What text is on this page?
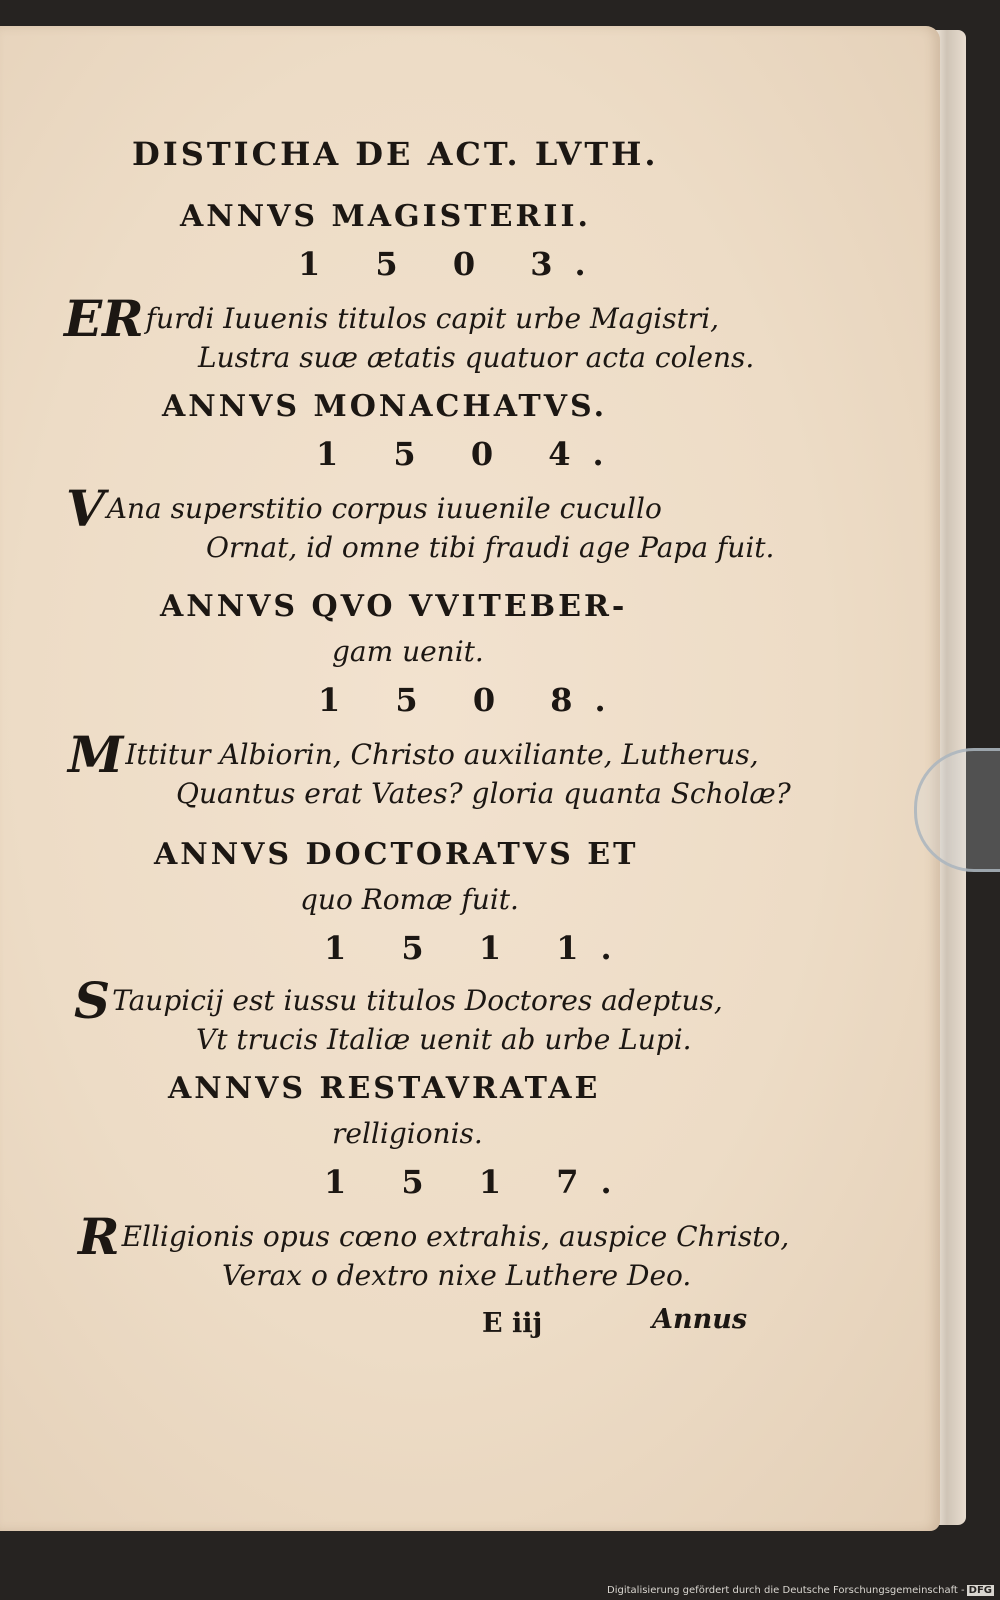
DISTICHA DE ACT. LVTH.
ANNVS MAGISTERII.
1 5 0 3.
ERfurdi Iuuenis titulos capit urbe Magistri,
Lustra suæ ætatis quatuor acta colens.
ANNVS MONACHATVS.
1 5 0 4.
VAna superstitio corpus iuuenile cucullo
Ornat, id omne tibi fraudi age Papa fuit.
ANNVS QVO VVITEBER-
gam uenit.
1 5 0 8.
MIttitur Albiorin, Christo auxiliante, Lutherus,
Quantus erat Vates? gloria quanta Scholæ?
ANNVS DOCTORATVS ET
quo Romæ fuit.
1 5 1 1.
STaupicij est iussu titulos Doctores adeptus,
Vt trucis Italiæ uenit ab urbe Lupi.
ANNVS RESTAVRATAE
relligionis.
1 5 1 7.
RElligionis opus cœno extrahis, auspice Christo,
Verax o dextro nixe Luthere Deo.
E iij	Annus
Digitalisierung gefördert durch die Deutsche Forschungsgemeinschaft - DFG
